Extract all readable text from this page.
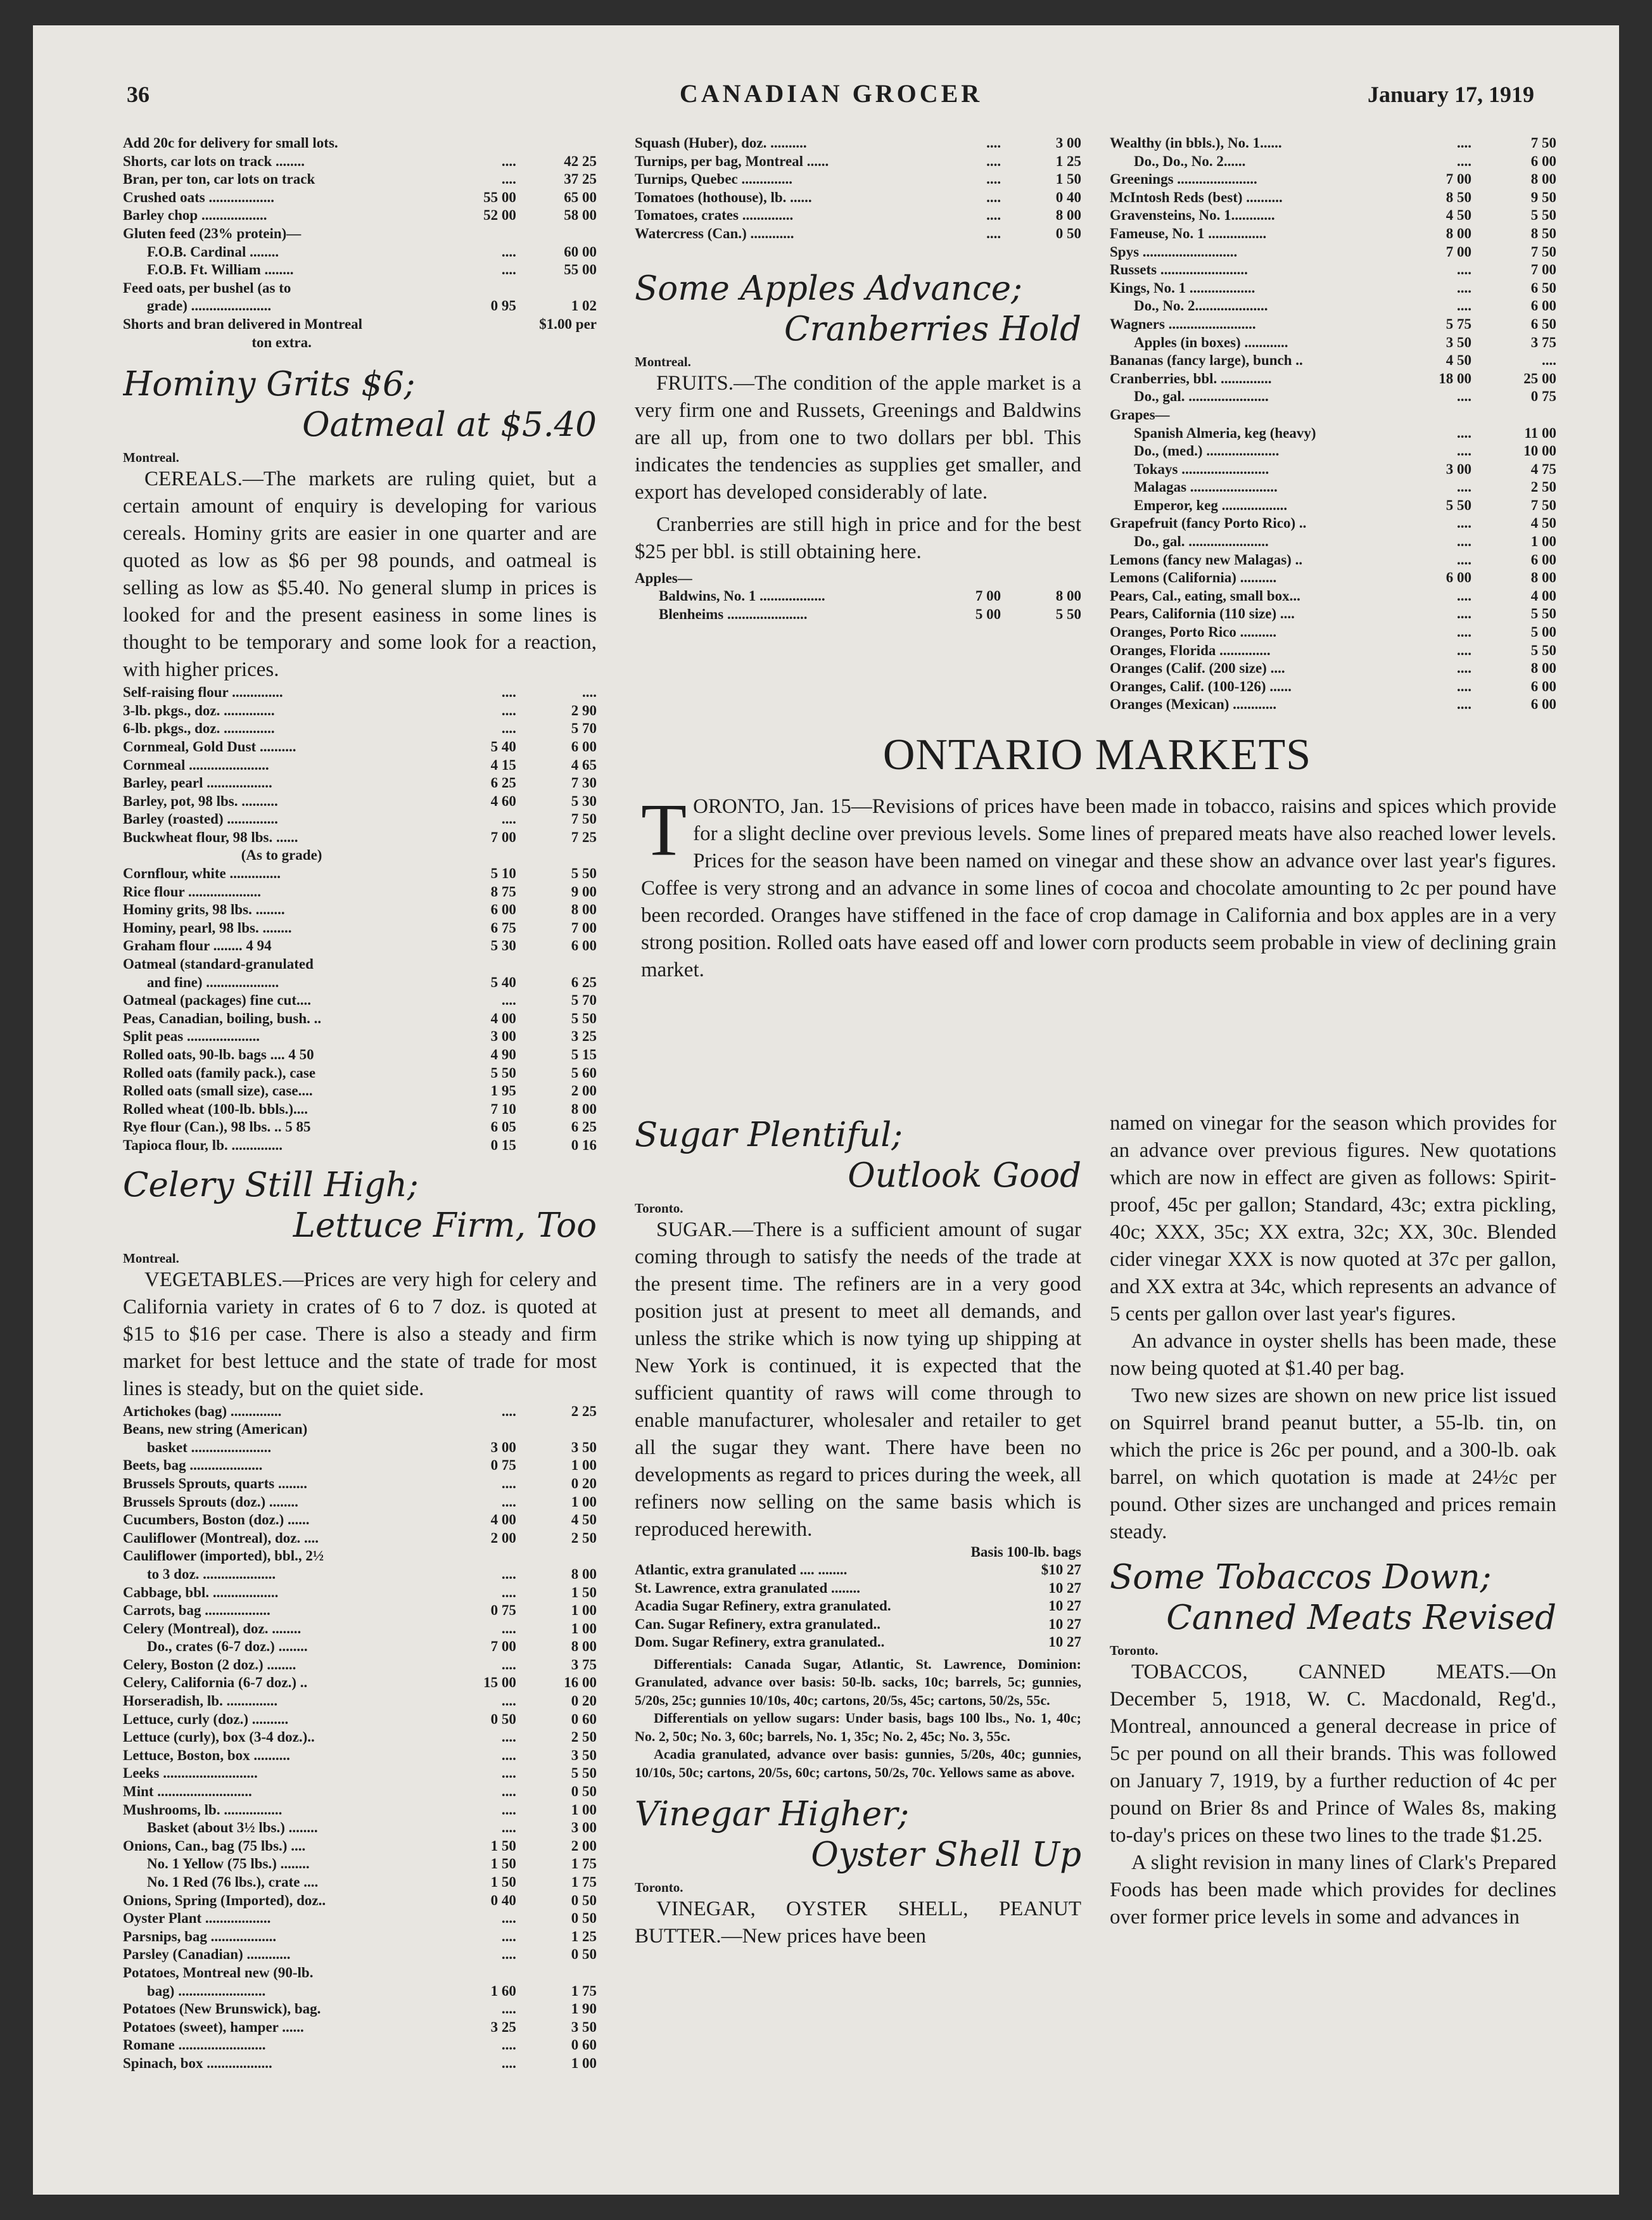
36	CANADIAN GROCER	January 17, 1919
Add 20c for delivery for small lots.		
Shorts, car lots on track ........	....	42 25
Bran, per ton, car lots on track	....	37 25
Crushed oats ..................	55 00	65 00
Barley chop ..................	52 00	58 00
Gluten feed (23% protein)—		
F.O.B. Cardinal ........	....	60 00
F.O.B. Ft. William ........	....	55 00
Feed oats, per bushel (as to		
grade) ......................	0 95	1 02
Shorts and bran delivered in Montreal		$1.00 per
ton extra.		
Hominy Grits $6;
Oatmeal at $5.40
Montreal.

CEREALS.—The markets are ruling quiet, but a certain amount of enquiry is developing for various cereals. Hominy grits are easier in one quarter and are quoted as low as $6 per 98 pounds, and oatmeal is selling as low as $5.40. No general slump in prices is looked for and the present easiness in some lines is thought to be temporary and some look for a reaction, with higher prices.

Self-raising flour ..............	....	....
3-lb. pkgs., doz. ..............	....	2 90
6-lb. pkgs., doz. ..............	....	5 70
Cornmeal, Gold Dust ..........	5 40	6 00
Cornmeal ......................	4 15	4 65
Barley, pearl ..................	6 25	7 30
Barley, pot, 98 lbs. ..........	4 60	5 30
Barley (roasted) ..............	....	7 50
Buckwheat flour, 98 lbs. ......	7 00	7 25
(As to grade)		
Cornflour, white ..............	5 10	5 50
Rice flour ....................	8 75	9 00
Hominy grits, 98 lbs. ........	6 00	8 00
Hominy, pearl, 98 lbs. ........	6 75	7 00
Graham flour ........ 4 94	5 30	6 00
Oatmeal (standard-granulated		
and fine) ....................	5 40	6 25
Oatmeal (packages) fine cut....	....	5 70
Peas, Canadian, boiling, bush. ..	4 00	5 50
Split peas ....................	3 00	3 25
Rolled oats, 90-lb. bags .... 4 50	4 90	5 15
Rolled oats (family pack.), case	5 50	5 60
Rolled oats (small size), case....	1 95	2 00
Rolled wheat (100-lb. bbls.)....	7 10	8 00
Rye flour (Can.), 98 lbs. .. 5 85	6 05	6 25
Tapioca flour, lb. ..............	0 15	0 16
Celery Still High;
Lettuce Firm, Too
Montreal.

VEGETABLES.—Prices are very high for celery and California variety in crates of 6 to 7 doz. is quoted at $15 to $16 per case. There is also a steady and firm market for best lettuce and the state of trade for most lines is steady, but on the quiet side.

Artichokes (bag) ..............	....	2 25
Beans, new string (American)		
basket ......................	3 00	3 50
Beets, bag ....................	0 75	1 00
Brussels Sprouts, quarts ........	....	0 20
Brussels Sprouts (doz.) ........	....	1 00
Cucumbers, Boston (doz.) ......	4 00	4 50
Cauliflower (Montreal), doz. ....	2 00	2 50
Cauliflower (imported), bbl., 2½		
to 3 doz. ....................	....	8 00
Cabbage, bbl. ..................	....	1 50
Carrots, bag ..................	0 75	1 00
Celery (Montreal), doz. ........	....	1 00
Do., crates (6-7 doz.) ........	7 00	8 00
Celery, Boston (2 doz.) ........	....	3 75
Celery, California (6-7 doz.) ..	15 00	16 00
Horseradish, lb. ..............	....	0 20
Lettuce, curly (doz.) ..........	0 50	0 60
Lettuce (curly), box (3-4 doz.)..	....	2 50
Lettuce, Boston, box ..........	....	3 50
Leeks ..........................	....	5 50
Mint ..........................	....	0 50
Mushrooms, lb. ................	....	1 00
Basket (about 3½ lbs.) ........	....	3 00
Onions, Can., bag (75 lbs.) ....	1 50	2 00
No. 1 Yellow (75 lbs.) ........	1 50	1 75
No. 1 Red (76 lbs.), crate ....	1 50	1 75
Onions, Spring (Imported), doz..	0 40	0 50
Oyster Plant ..................	....	0 50
Parsnips, bag ..................	....	1 25
Parsley (Canadian) ............	....	0 50
Potatoes, Montreal new (90-lb.		
bag) ........................	1 60	1 75
Potatoes (New Brunswick), bag.	....	1 90
Potatoes (sweet), hamper ......	3 25	3 50
Romane ........................	....	0 60
Spinach, box ..................	....	1 00
Squash (Huber), doz. ..........	....	3 00
Turnips, per bag, Montreal ......	....	1 25
Turnips, Quebec ..............	....	1 50
Tomatoes (hothouse), lb. ......	....	0 40
Tomatoes, crates ..............	....	8 00
Watercress (Can.) ............	....	0 50
Some Apples Advance;
Cranberries Hold
Montreal.

FRUITS.—The condition of the apple market is a very firm one and Russets, Greenings and Baldwins are all up, from one to two dollars per bbl. This indicates the tendencies as supplies get smaller, and export has developed considerably of late.

Cranberries are still high in price and for the best $25 per bbl. is still obtaining here.

Apples—		
Baldwins, No. 1 ..................	7 00	8 00
Blenheims ......................	5 00	5 50
Wealthy (in bbls.), No. 1......	....	7 50
Do., Do., No. 2......	....	6 00
Greenings ......................	7 00	8 00
McIntosh Reds (best) ..........	8 50	9 50
Gravensteins, No. 1............	4 50	5 50
Fameuse, No. 1 ................	8 00	8 50
Spys ..........................	7 00	7 50
Russets ........................	....	7 00
Kings, No. 1 ..................	....	6 50
Do., No. 2....................	....	6 00
Wagners ........................	5 75	6 50
Apples (in boxes) ............	3 50	3 75
Bananas (fancy large), bunch ..	4 50	....
Cranberries, bbl. ..............	18 00	25 00
Do., gal. ......................	....	0 75
Grapes—		
Spanish Almeria, keg (heavy)	....	11 00
Do., (med.) ....................	....	10 00
Tokays ........................	3 00	4 75
Malagas ........................	....	2 50
Emperor, keg ..................	5 50	7 50
Grapefruit (fancy Porto Rico) ..	....	4 50
Do., gal. ......................	....	1 00
Lemons (fancy new Malagas) ..	....	6 00
Lemons (California) ..........	6 00	8 00
Pears, Cal., eating, small box...	....	4 00
Pears, California (110 size) ....	....	5 50
Oranges, Porto Rico ..........	....	5 00
Oranges, Florida ..............	....	5 50
Oranges (Calif. (200 size) ....	....	8 00
Oranges, Calif. (100-126) ......	....	6 00
Oranges (Mexican) ............	....	6 00
ONTARIO MARKETS

TORONTO, Jan. 15—Revisions of prices have been made in tobacco, raisins and spices which provide for a slight decline over previous levels. Some lines of prepared meats have also reached lower levels. Prices for the season have been named on vinegar and these show an advance over last year's figures. Coffee is very strong and an advance in some lines of cocoa and chocolate amounting to 2c per pound have been recorded. Oranges have stiffened in the face of crop damage in California and box apples are in a very strong position. Rolled oats have eased off and lower corn products seem probable in view of declining grain market.

Sugar Plentiful;
Outlook Good
Toronto.

SUGAR.—There is a sufficient amount of sugar coming through to satisfy the needs of the trade at the present time. The refiners are in a very good position just at present to meet all demands, and unless the strike which is now tying up shipping at New York is continued, it is expected that the sufficient quantity of raws will come through to enable manufacturer, wholesaler and retailer to get all the sugar they want. There have been no developments as regard to prices during the week, all refiners now selling on the same basis which is reproduced herewith.

Basis 100-lb. bags
Atlantic, extra granulated .... ........	$10 27
St. Lawrence, extra granulated ........	10 27
Acadia Sugar Refinery, extra granulated.	10 27
Can. Sugar Refinery, extra granulated..	10 27
Dom. Sugar Refinery, extra granulated..	10 27

Differentials: Canada Sugar, Atlantic, St. Lawrence, Dominion: Granulated, advance over basis: 50-lb. sacks, 10c; barrels, 5c; gunnies, 5/20s, 25c; gunnies 10/10s, 40c; cartons, 20/5s, 45c; cartons, 50/2s, 55c.

Differentials on yellow sugars: Under basis, bags 100 lbs., No. 1, 40c; No. 2, 50c; No. 3, 60c; barrels, No. 1, 35c; No. 2, 45c; No. 3, 55c.

Acadia granulated, advance over basis: gunnies, 5/20s, 40c; gunnies, 10/10s, 50c; cartons, 20/5s, 60c; cartons, 50/2s, 70c. Yellows same as above.

Vinegar Higher;
Oyster Shell Up
Toronto.

VINEGAR, OYSTER SHELL, PEANUT BUTTER.—New prices have been

named on vinegar for the season which provides for an advance over previous figures. New quotations which are now in effect are given as follows: Spirit-proof, 45c per gallon; Standard, 43c; extra pickling, 40c; XXX, 35c; XX extra, 32c; XX, 30c. Blended cider vinegar XXX is now quoted at 37c per gallon, and XX extra at 34c, which represents an advance of 5 cents per gallon over last year's figures.

An advance in oyster shells has been made, these now being quoted at $1.40 per bag.

Two new sizes are shown on new price list issued on Squirrel brand peanut butter, a 55-lb. tin, on which the price is 26c per pound, and a 300-lb. oak barrel, on which quotation is made at 24½c per pound. Other sizes are unchanged and prices remain steady.

Some Tobaccos Down;
Canned Meats Revised
Toronto.

TOBACCOS, CANNED MEATS.—On December 5, 1918, W. C. Macdonald, Reg'd., Montreal, announced a general decrease in price of 5c per pound on all their brands. This was followed on January 7, 1919, by a further reduction of 4c per pound on Brier 8s and Prince of Wales 8s, making to-day's prices on these two lines to the trade $1.25.

A slight revision in many lines of Clark's Prepared Foods has been made which provides for declines over former price levels in some and advances in
